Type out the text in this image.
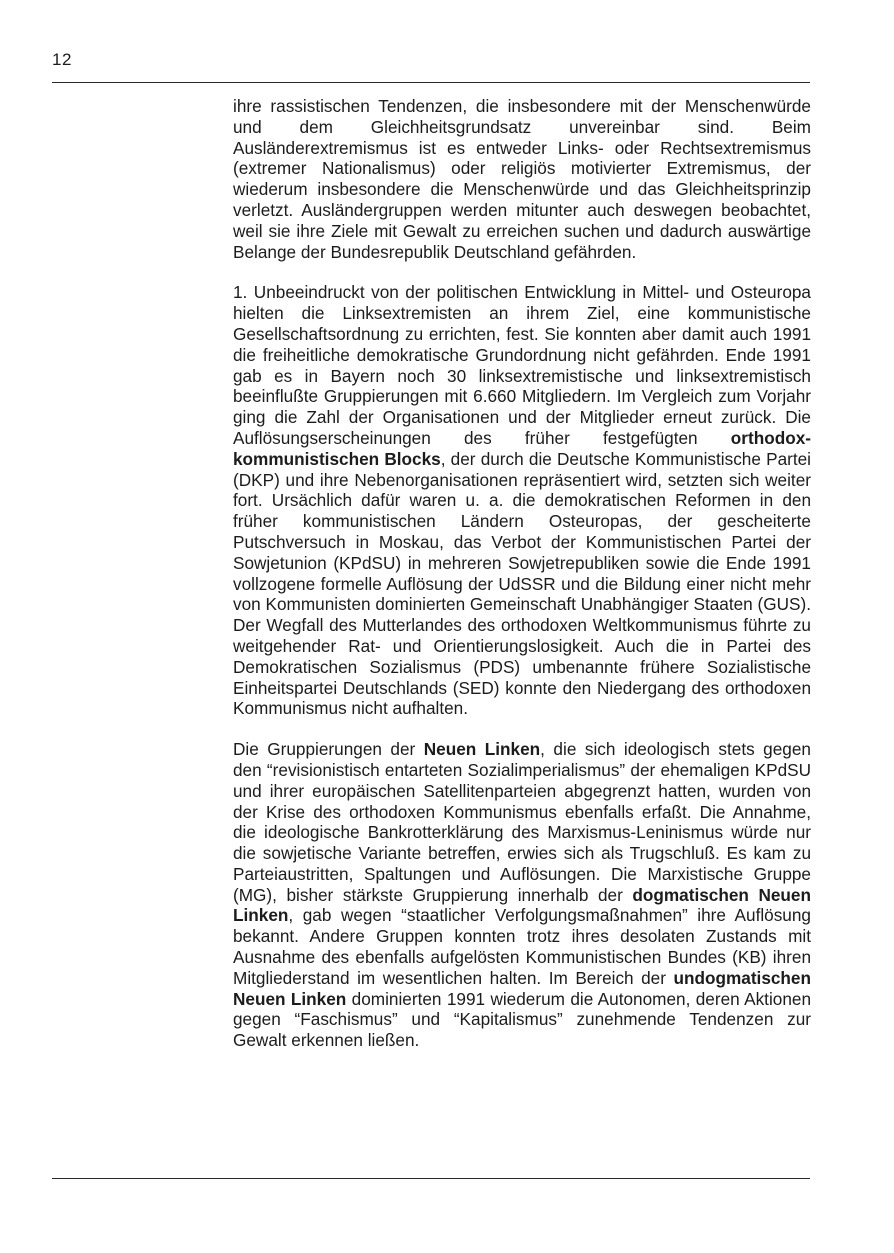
12

ihre rassistischen Tendenzen, die insbesondere mit der Menschenwürde und dem Gleichheitsgrundsatz unvereinbar sind. Beim Ausländerextremismus ist es entweder Links- oder Rechtsextremismus (extremer Nationalismus) oder religiös motivierter Extremismus, der wiederum insbesondere die Menschenwürde und das Gleichheitsprinzip verletzt. Ausländergruppen werden mitunter auch deswegen beobachtet, weil sie ihre Ziele mit Gewalt zu erreichen suchen und dadurch auswärtige Belange der Bundesrepublik Deutschland gefährden.

1. Unbeeindruckt von der politischen Entwicklung in Mittel- und Osteuropa hielten die Linksextremisten an ihrem Ziel, eine kommunistische Gesellschaftsordnung zu errichten, fest. Sie konnten aber damit auch 1991 die freiheitliche demokratische Grundordnung nicht gefährden. Ende 1991 gab es in Bayern noch 30 linksextremistische und linksextremistisch beeinflußte Gruppierungen mit 6.660 Mitgliedern. Im Vergleich zum Vorjahr ging die Zahl der Organisationen und der Mitglieder erneut zurück. Die Auflösungserscheinungen des früher festgefügten orthodox-kommunistischen Blocks, der durch die Deutsche Kommunistische Partei (DKP) und ihre Nebenorganisationen repräsentiert wird, setzten sich weiter fort. Ursächlich dafür waren u. a. die demokratischen Reformen in den früher kommunistischen Ländern Osteuropas, der gescheiterte Putschversuch in Moskau, das Verbot der Kommunistischen Partei der Sowjetunion (KPdSU) in mehreren Sowjetrepubliken sowie die Ende 1991 vollzogene formelle Auflösung der UdSSR und die Bildung einer nicht mehr von Kommunisten dominierten Gemeinschaft Unabhängiger Staaten (GUS). Der Wegfall des Mutterlandes des orthodoxen Weltkommunismus führte zu weitgehender Rat- und Orientierungslosigkeit. Auch die in Partei des Demokratischen Sozialismus (PDS) umbenannte frühere Sozialistische Einheitspartei Deutschlands (SED) konnte den Niedergang des orthodoxen Kommunismus nicht aufhalten.

Die Gruppierungen der Neuen Linken, die sich ideologisch stets gegen den “revisionistisch entarteten Sozialimperialismus” der ehemaligen KPdSU und ihrer europäischen Satellitenparteien abgegrenzt hatten, wurden von der Krise des orthodoxen Kommunismus ebenfalls erfaßt. Die Annahme, die ideologische Bankrotterklärung des Marxismus-Leninismus würde nur die sowjetische Variante betreffen, erwies sich als Trugschluß. Es kam zu Parteiaustritten, Spaltungen und Auflösungen. Die Marxistische Gruppe (MG), bisher stärkste Gruppierung innerhalb der dogmatischen Neuen Linken, gab wegen “staatlicher Verfolgungsmaßnahmen” ihre Auflösung bekannt. Andere Gruppen konnten trotz ihres desolaten Zustands mit Ausnahme des ebenfalls aufgelösten Kommunistischen Bundes (KB) ihren Mitgliederstand im wesentlichen halten. Im Bereich der undogmatischen Neuen Linken dominierten 1991 wiederum die Autonomen, deren Aktionen gegen “Faschismus” und “Kapitalismus” zunehmende Tendenzen zur Gewalt erkennen ließen.
